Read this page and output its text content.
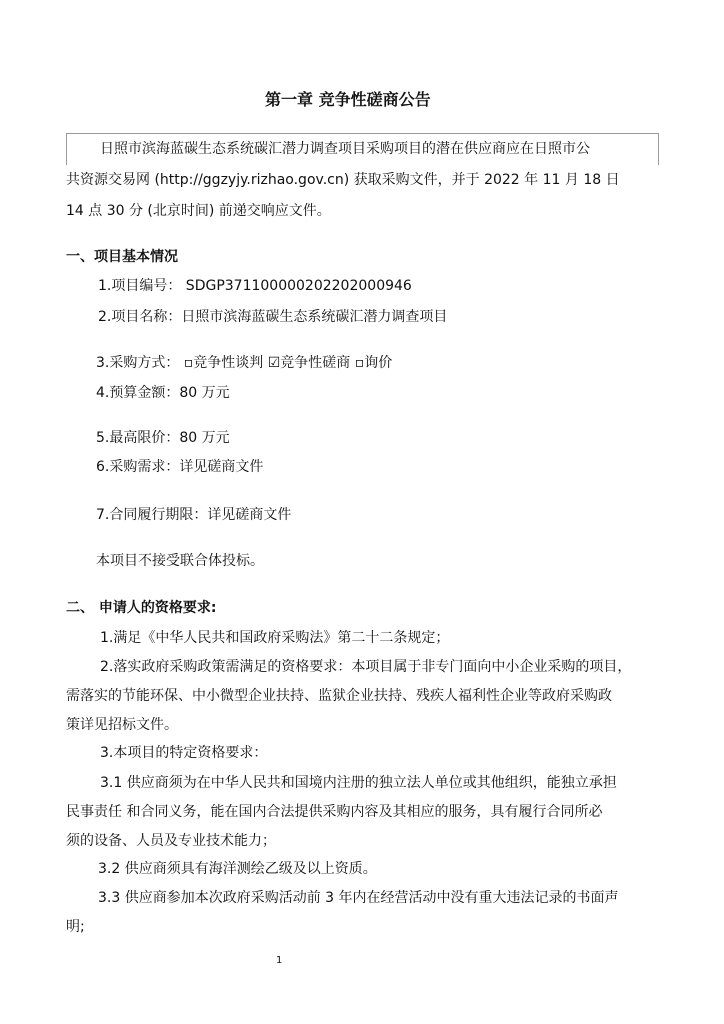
第一章 竞争性磋商公告
日照市滨海蓝碳生态系统碳汇潜力调查项目采购项目的潜在供应商应在日照市公
共资源交易网 (http://ggzyjy.rizhao.gov.cn) 获取采购文件，并于 2022 年 11 月 18 日
14 点 30 分 (北京时间) 前递交响应文件。
一、项目基本情况
1.项目编号： SDGP371100000202202000946
2.项目名称：日照市滨海蓝碳生态系统碳汇潜力调查项目
3.采购方式： ▫竞争性谈判 ☑竞争性磋商 ▫询价
4.预算金额：80 万元
5.最高限价：80 万元
6.采购需求：详见磋商文件
7.合同履行期限：详见磋商文件
本项目不接受联合体投标。
二、 申请人的资格要求:
1.满足《中华人民共和国政府采购法》第二十二条规定；
2.落实政府采购政策需满足的资格要求：本项目属于非专门面向中小企业采购的项目，
需落实的节能环保、中小微型企业扶持、监狱企业扶持、残疾人福利性企业等政府采购政
策详见招标文件。
3.本项目的特定资格要求：
3.1 供应商须为在中华人民共和国境内注册的独立法人单位或其他组织，能独立承担
民事责任 和合同义务，能在国内合法提供采购内容及其相应的服务，具有履行合同所必
须的设备、人员及专业技术能力；
3.2 供应商须具有海洋测绘乙级及以上资质。
3.3 供应商参加本次政府采购活动前 3 年内在经营活动中没有重大违法记录的书面声
明;
1
